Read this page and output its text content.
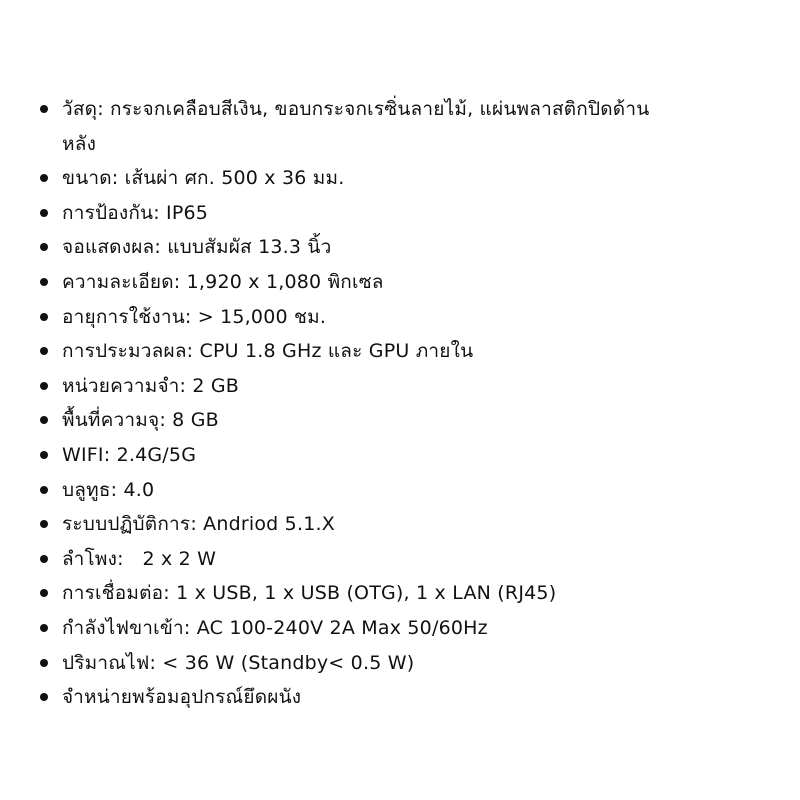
วัสดุ: กระจกเคลือบสีเงิน, ขอบกระจกเรซิ่นลายไม้, แผ่นพลาสติกปิดด้านหลัง
ขนาด: เส้นผ่า ศก. 500 x 36 มม.
การป้องกัน: IP65
จอแสดงผล: แบบสัมผัส 13.3 นิ้ว
ความละเอียด: 1,920 x 1,080 พิกเซล
อายุการใช้งาน: > 15,000 ชม.
การประมวลผล: CPU 1.8 GHz และ GPU ภายใน
หน่วยความจำ: 2 GB
พื้นที่ความจุ: 8 GB
WIFI: 2.4G/5G
บลูทูธ: 4.0
ระบบปฏิบัติการ: Andriod 5.1.X
ลำโพง:   2 x 2 W
การเชื่อมต่อ: 1 x USB, 1 x USB (OTG), 1 x LAN (RJ45)
กำลังไฟขาเข้า: AC 100-240V 2A Max 50/60Hz
ปริมาณไฟ: < 36 W (Standby< 0.5 W)
จำหน่ายพร้อมอุปกรณ์ยึดผนัง
